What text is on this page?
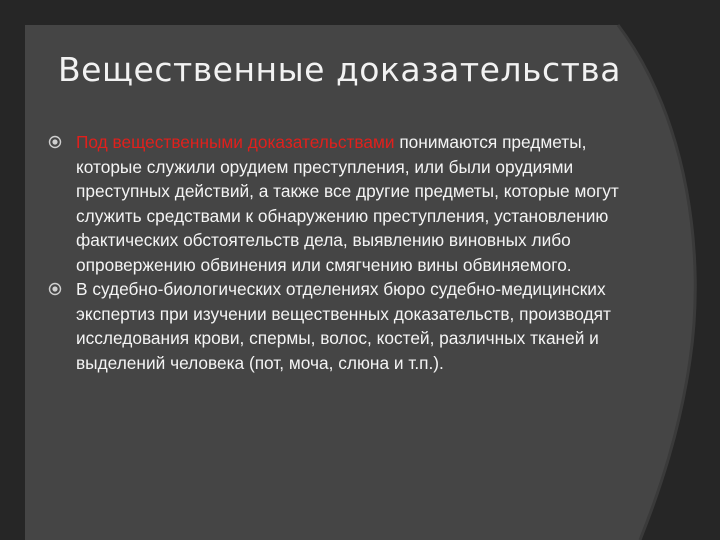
Вещественные доказательства
Под вещественными доказательствами понимаются предметы, которые служили орудием преступления, или были орудиями преступных действий, а также все другие предметы, которые могут служить средствами к обнаружению преступления, установлению фактических обстоятельств дела, выявлению виновных либо опровержению обвинения или смягчению вины обвиняемого.
В судебно-биологических отделениях бюро судебно-медицинских экспертиз при изучении вещественных доказательств, производят исследования крови, спермы, волос, костей, различных тканей и выделений человека (пот, моча, слюна и т.п.).
